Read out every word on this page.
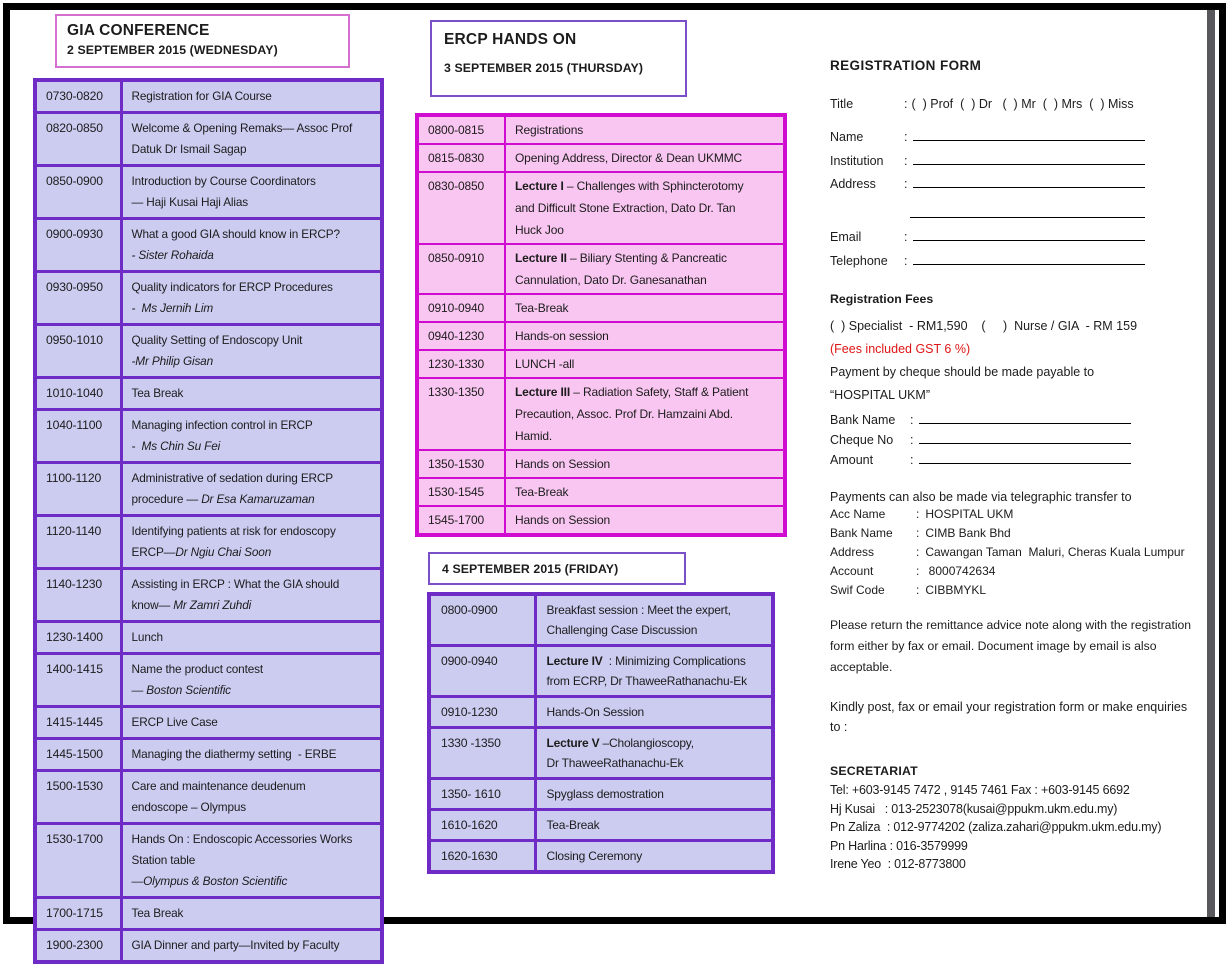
GIA CONFERENCE
2 SEPTEMBER 2015 (WEDNESDAY)
0730-0820	Registration for GIA Course
0820-0850	Welcome & Opening Remaks— Assoc Prof
Datuk Dr Ismail Sagap
0850-0900	Introduction by Course Coordinators
— Haji Kusai Haji Alias
0900-0930	What a good GIA should know in ERCP?
- Sister Rohaida
0930-0950	Quality indicators for ERCP Procedures
-  Ms Jernih Lim
0950-1010	Quality Setting of Endoscopy Unit
-Mr Philip Gisan
1010-1040	Tea Break
1040-1100	Managing infection control in ERCP
-  Ms Chin Su Fei
1100-1120	Administrative of sedation during ERCP
procedure — Dr Esa Kamaruzaman
1120-1140	Identifying patients at risk for endoscopy
ERCP—Dr Ngiu Chai Soon
1140-1230	Assisting in ERCP : What the GIA should
know— Mr Zamri Zuhdi
1230-1400	Lunch
1400-1415	Name the product contest
— Boston Scientific
1415-1445	ERCP Live Case
1445-1500	Managing the diathermy setting  - ERBE
1500-1530	Care and maintenance deudenum
endoscope – Olympus
1530-1700	Hands On : Endoscopic Accessories Works
Station table
—Olympus & Boston Scientific
1700-1715	Tea Break
1900-2300	GIA Dinner and party—Invited by Faculty
ERCP HANDS ON
3 SEPTEMBER 2015 (THURSDAY)
0800-0815	Registrations
0815-0830	Opening Address, Director & Dean UKMMC
0830-0850	Lecture I – Challenges with Sphincterotomy
and Difficult Stone Extraction, Dato Dr. Tan
Huck Joo
0850-0910	Lecture II – Biliary Stenting & Pancreatic
Cannulation, Dato Dr. Ganesanathan
0910-0940	Tea-Break
0940-1230	Hands-on session
1230-1330	LUNCH -all
1330-1350	Lecture III – Radiation Safety, Staff & Patient
Precaution, Assoc. Prof Dr. Hamzaini Abd.
Hamid.
1350-1530	Hands on Session
1530-1545	Tea-Break
1545-1700	Hands on Session
4 SEPTEMBER 2015 (FRIDAY)
0800-0900	Breakfast session : Meet the expert,
Challenging Case Discussion
0900-0940	Lecture IV  : Minimizing Complications
from ECRP, Dr ThaweeRathanachu-Ek
0910-1230	Hands-On Session
1330 -1350	Lecture V –Cholangioscopy,
Dr ThaweeRathanachu-Ek
1350- 1610	Spyglass demostration
1610-1620	Tea-Break
1620-1630	Closing Ceremony
REGISTRATION FORM
Title	: (  ) Prof  (  ) Dr   (  ) Mr  (  ) Mrs  (  ) Miss
Name	:
Institution	:
Address	:
Email	:
Telephone	:
Registration Fees
(  ) Specialist  - RM1,590    (     )  Nurse / GIA  - RM 159
(Fees included GST 6 %)
Payment by cheque should be made payable to
“HOSPITAL UKM”
Bank Name	:
Cheque No	:
Amount	:
Payments can also be made via telegraphic transfer to
Acc Name	: HOSPITAL UKM
Bank Name	: CIMB Bank Bhd
Address	: Cawangan Taman  Maluri, Cheras Kuala Lumpur
Account	: 8000742634
Swif Code	: CIBBMYKL
Please return the remittance advice note along with the registration form either by fax or email. Document image by email is also acceptable.
Kindly post, fax or email your registration form or make enquiries to :
SECRETARIAT
Tel: +603-9145 7472 , 9145 7461 Fax : +603-9145 6692
Hj Kusai   : 013-2523078(kusai@ppukm.ukm.edu.my)
Pn Zaliza  : 012-9774202 (zaliza.zahari@ppukm.ukm.edu.my)
Pn Harlina : 016-3579999
Irene Yeo  : 012-8773800
